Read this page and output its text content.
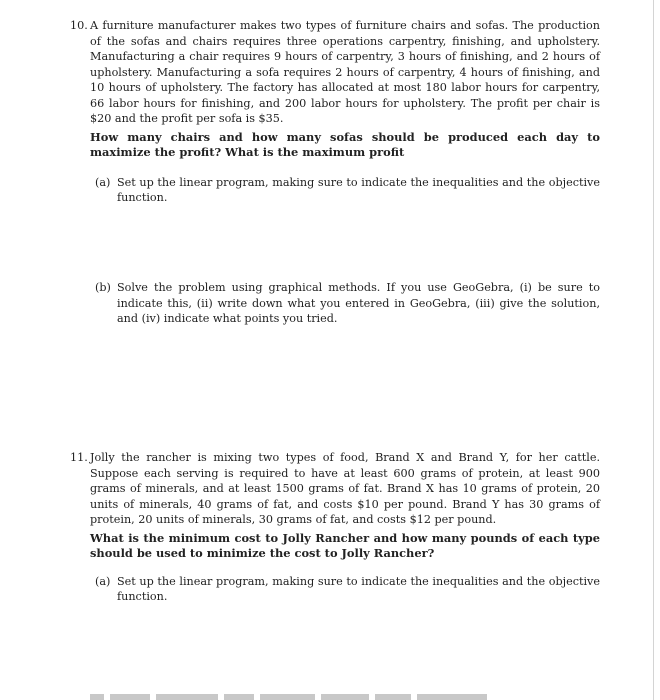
10. A furniture manufacturer makes two types of furniture chairs and sofas. The production of the sofas and chairs requires three operations carpentry, finishing, and upholstery. Manufacturing a chair requires 9 hours of carpentry, 3 hours of finishing, and 2 hours of upholstery. Manufacturing a sofa requires 2 hours of carpentry, 4 hours of finishing, and 10 hours of upholstery. The factory has allocated at most 180 labor hours for carpentry, 66 labor hours for finishing, and 200 labor hours for upholstery. The profit per chair is $20 and the profit per sofa is $35.
How many chairs and how many sofas should be produced each day to maximize the profit? What is the maximum profit
(a) Set up the linear program, making sure to indicate the inequalities and the objective function.
(b) Solve the problem using graphical methods. If you use GeoGebra, (i) be sure to indicate this, (ii) write down what you entered in GeoGebra, (iii) give the solution, and (iv) indicate what points you tried.
11. Jolly the rancher is mixing two types of food, Brand X and Brand Y, for her cattle. Suppose each serving is required to have at least 600 grams of protein, at least 900 grams of minerals, and at least 1500 grams of fat. Brand X has 10 grams of protein, 20 units of minerals, 40 grams of fat, and costs $10 per pound. Brand Y has 30 grams of protein, 20 units of minerals, 30 grams of fat, and costs $12 per pound.
What is the minimum cost to Jolly Rancher and how many pounds of each type should be used to minimize the cost to Jolly Rancher?
(a) Set up the linear program, making sure to indicate the inequalities and the objective function.
